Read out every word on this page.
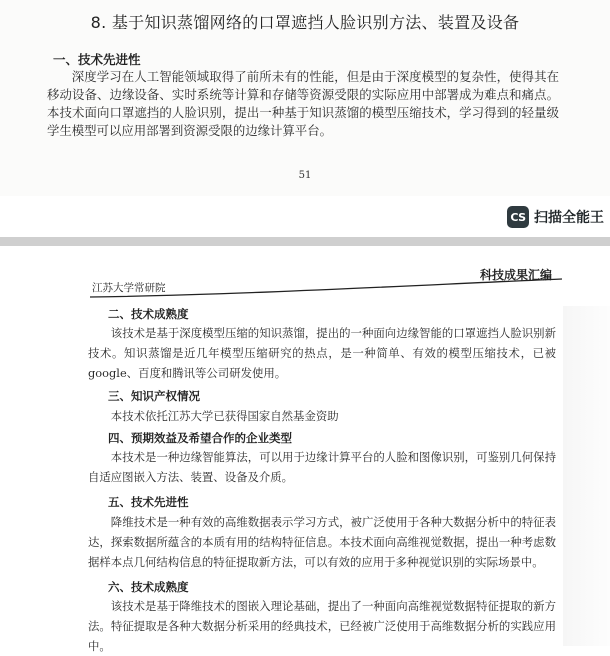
8. 基于知识蒸馏网络的口罩遮挡人脸识别方法、装置及设备
一、技术先进性

深度学习在人工智能领域取得了前所未有的性能，但是由于深度模型的复杂性，使得其在移动设备、边缘设备、实时系统等计算和存储等资源受限的实际应用中部署成为难点和痛点。本技术面向口罩遮挡的人脸识别，提出一种基于知识蒸馏的模型压缩技术，学习得到的轻量级学生模型可以应用部署到资源受限的边缘计算平台。

51
CS 扫描全能王
科技成果汇编
江苏大学常研院
二、技术成熟度

该技术是基于深度模型压缩的知识蒸馏，提出的一种面向边缘智能的口罩遮挡人脸识别新技术。知识蒸馏是近几年模型压缩研究的热点，是一种简单、有效的模型压缩技术，已被 google、百度和腾讯等公司研发使用。

三、知识产权情况

本技术依托江苏大学已获得国家自然基金资助

四、预期效益及希望合作的企业类型

本技术是一种边缘智能算法，可以用于边缘计算平台的人脸和图像识别，可鉴别几何保持自适应图嵌入方法、装置、设备及介质。

五、技术先进性

降维技术是一种有效的高维数据表示学习方式，被广泛使用于各种大数据分析中的特征表达，探索数据所蕴含的本质有用的结构特征信息。本技术面向高维视觉数据，提出一种考虑数据样本点几何结构信息的特征提取新方法，可以有效的应用于多种视觉识别的实际场景中。

六、技术成熟度

该技术是基于降维技术的图嵌入理论基础，提出了一种面向高维视觉数据特征提取的新方法。特征提取是各种大数据分析采用的经典技术，已经被广泛使用于高维数据分析的实践应用中。
